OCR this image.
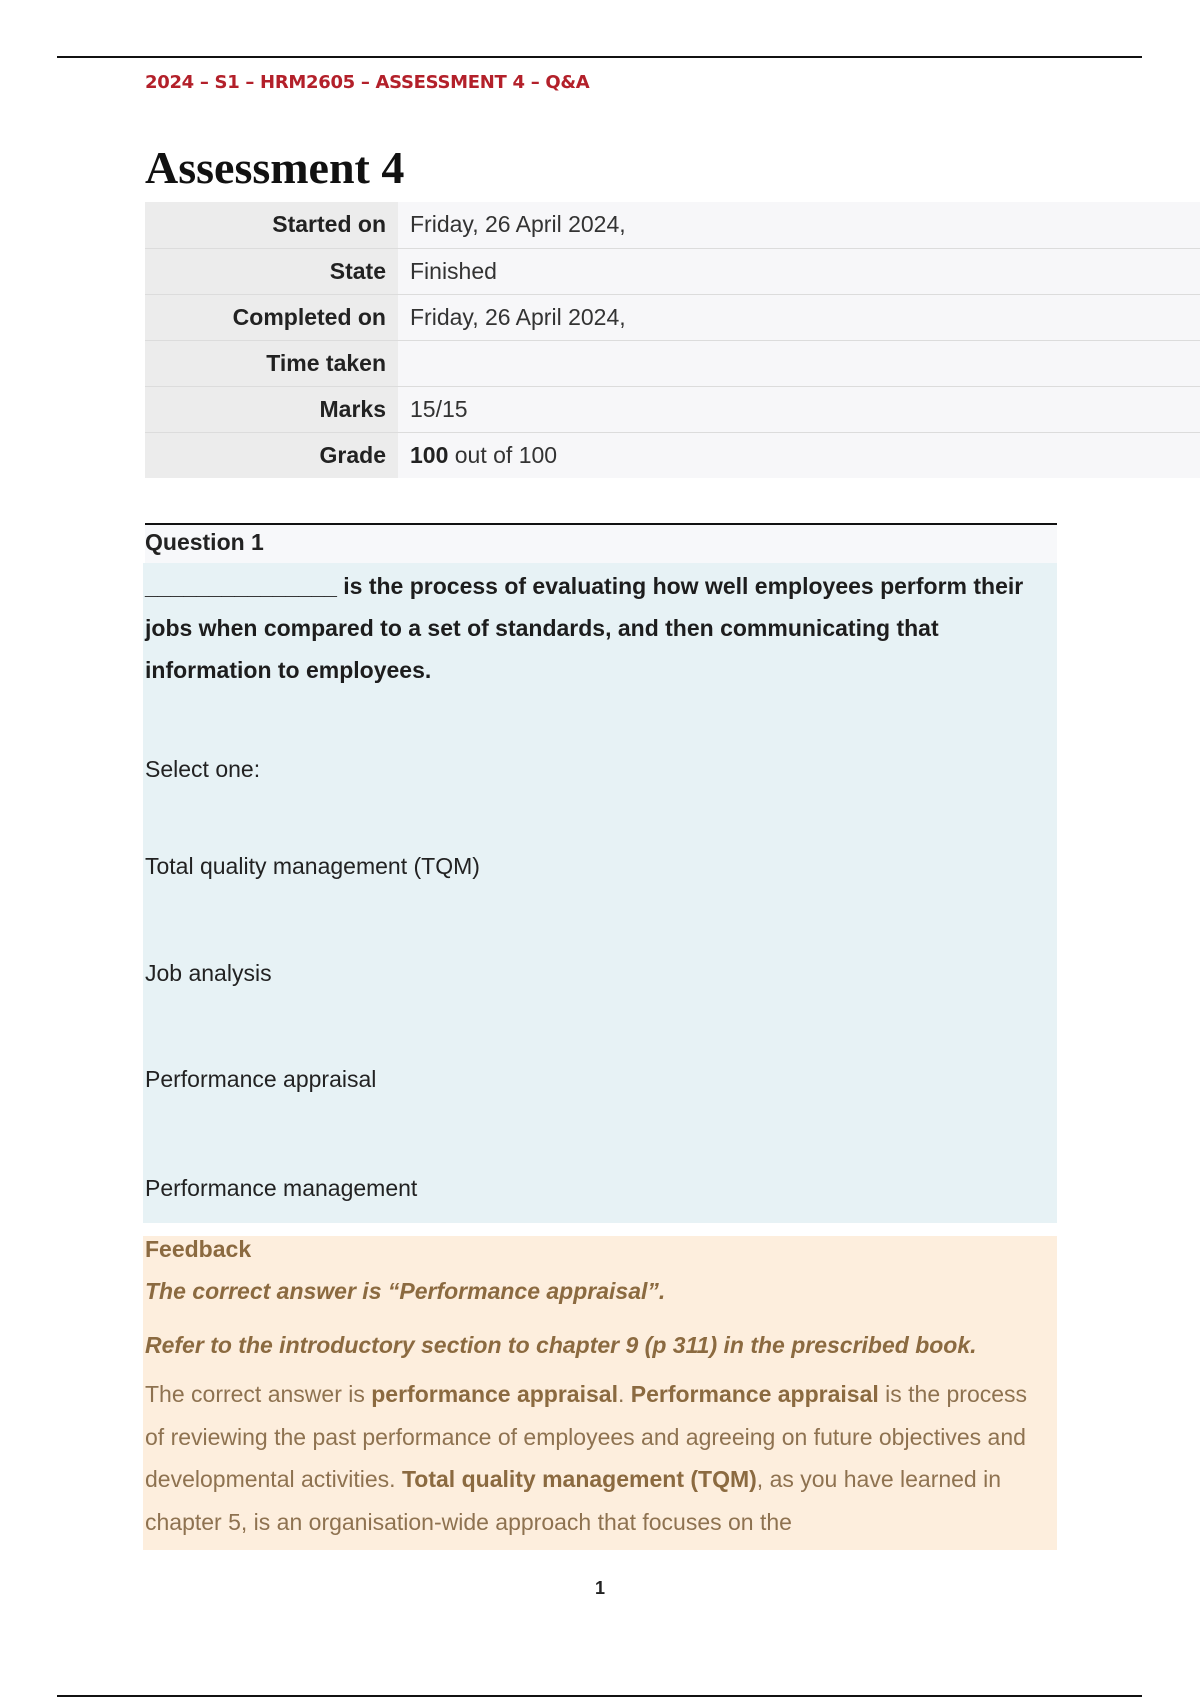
2024 – S1 – HRM2605 – ASSESSMENT 4 – Q&A
Assessment 4
Started on	Friday, 26 April 2024,
State	Finished
Completed on	Friday, 26 April 2024,
Time taken	
Marks	15/15
Grade	100 out of 100
Question 1
_______________ is the process of evaluating how well employees perform their jobs when compared to a set of standards, and then communicating that information to employees.
Select one:
Total quality management (TQM)
Job analysis
Performance appraisal
Performance management
Feedback
The correct answer is “Performance appraisal”.
Refer to the introductory section to chapter 9 (p 311) in the prescribed book.
The correct answer is performance appraisal. Performance appraisal is the process of reviewing the past performance of employees and agreeing on future objectives and developmental activities. Total quality management (TQM), as you have learned in chapter 5, is an organisation-wide approach that focuses on the
1
